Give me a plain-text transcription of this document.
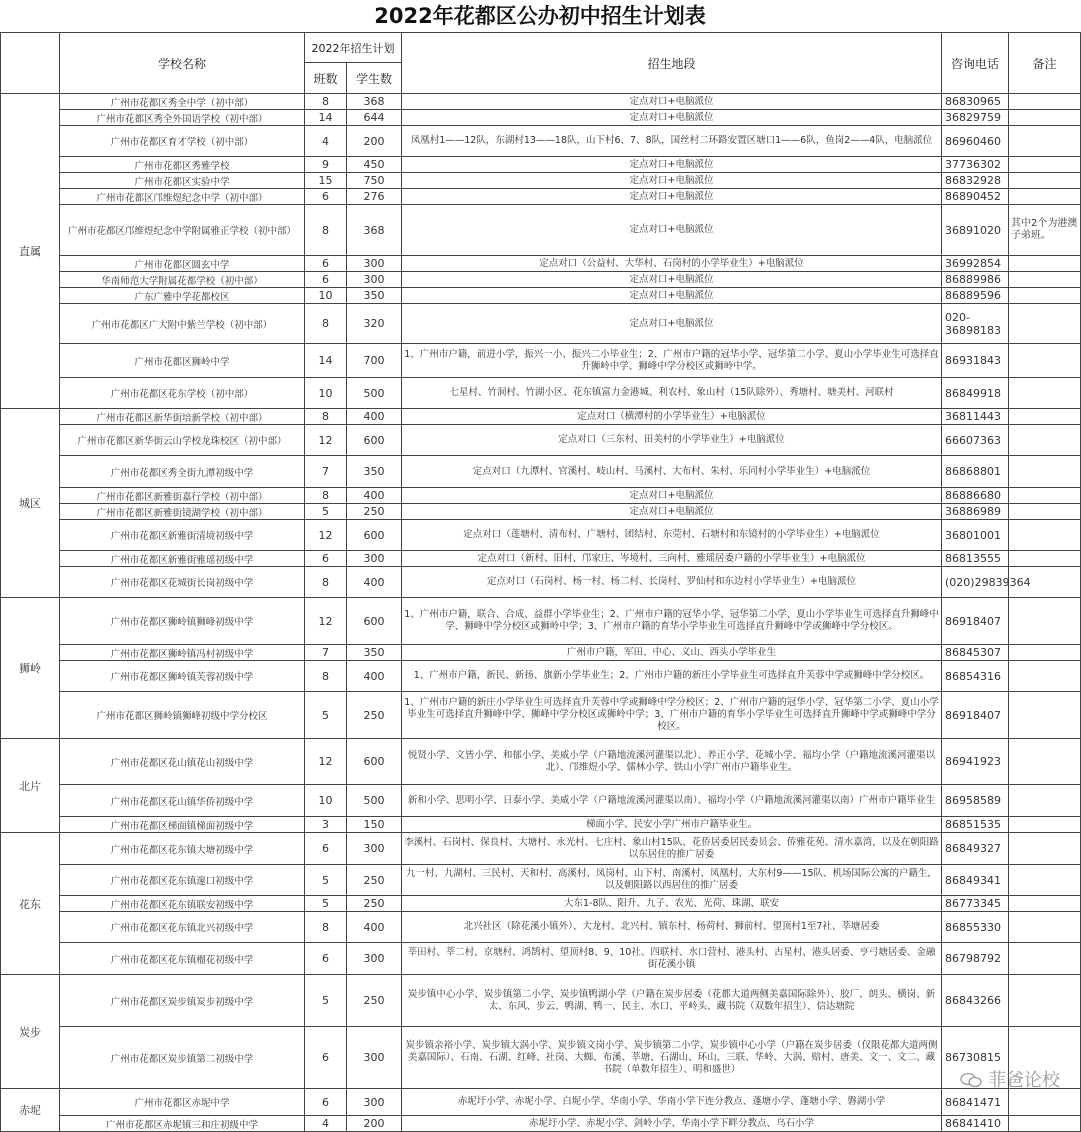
2022年花都区公办初中招生计划表
	学校名称	2022年招生计划		招生地段	咨询电话	备注
		班数	学生数			
直属	广州市花都区秀全中学（初中部）	8	368	定点对口+电脑派位	86830965	
	广州市花都区秀全外国语学校（初中部）	14	644	定点对口+电脑派位	36829759	
	广州市花都区育才学校（初中部）	4	200	凤凰村1——12队，东湖村13——18队，山下村6、7、8队，国丝村二环路安置区塘口1——6队，鱼岗2——4队，电脑派位	86960460	
	广州市花都区秀雅学校	9	450	定点对口+电脑派位	37736302	
	广州市花都区实验中学	15	750	定点对口+电脑派位	86832928	
	广州市花都区邝维煜纪念中学（初中部）	6	276	定点对口+电脑派位	86890452	
	广州市花都区邝维煜纪念中学附属雅正学校（初中部）	8	368	定点对口+电脑派位	36891020	其中2个为港澳子弟班。
	广州市花都区圆玄中学	6	300	定点对口（公益村、大华村、石岗村的小学毕业生）+电脑派位	36992854	
	华南师范大学附属花都学校（初中部）	6	300	定点对口+电脑派位	86889986	
	广东广雅中学花都校区	10	350	定点对口+电脑派位	86889596	
	广州市花都区广大附中紫兰学校（初中部）	8	320	定点对口+电脑派位	020-36898183	
	广州市花都区狮岭中学	14	700	1、广州市户籍，前进小学，振兴一小、振兴二小毕业生；2、广州市户籍的冠华小学、冠华第二小学、夏山小学毕业生可选择直升狮岭中学、狮峰中学分校区或狮岭中学。	86931843	
	广州市花都区花东学校（初中部）	10	500	七星村、竹洞村、竹湖小区、花东镇富力金港城、利农村、象山村（15队除外）、秀塘村、塘美村、河联村	86849918	
城区	广州市花都区新华街培新学校（初中部）	8	400	定点对口（横潭村的小学毕业生）+电脑派位	36811443	
	广州市花都区新华街云山学校龙珠校区（初中部）	12	600	定点对口（三东村、田美村的小学毕业生）+电脑派位	66607363	
	广州市花都区秀全街九潭初级中学	7	350	定点对口（九潭村、官溪村、岐山村、马溪村、大布村、朱村、乐同村小学毕业生）+电脑派位	86868801	
	广州市花都区新雅街嘉行学校（初中部）	8	400	定点对口+电脑派位	86886680	
	广州市花都区新雅街镜湖学校（初中部）	5	250	定点对口+电脑派位	36886989	
	广州市花都区新雅街清境初级中学	12	600	定点对口（莲塘村、清布村、广塘村、团结村、东莞村、石塘村和东镜村的小学毕业生）+电脑派位	36801001	
	广州市花都区新雅街雅瑶初级中学	6	300	定点对口（新村、旧村、邝家庄、岑境村、三向村、雅瑶居委户籍的小学毕业生）+电脑派位	86813555	
	广州市花都区花城街长岗初级中学	8	400	定点对口（石岗村、杨一村、杨二村、长岗村、罗仙村和东边村小学毕业生）+电脑派位	(020)29839364	
狮岭	广州市花都区狮岭镇狮峰初级中学	12	600	1、广州市户籍，联合、合成、益群小学毕业生；2、广州市户籍的冠华小学、冠华第二小学、夏山小学毕业生可选择直升狮峰中学、狮峰中学分校区或狮岭中学；3、广州市户籍的育华小学毕业生可选择直升狮峰中学或狮峰中学分校区。	86918407	
	广州市花都区狮岭镇冯村初级中学	7	350	广州市户籍，军田、中心、义山、西头小学毕业生	86845307	
	广州市花都区狮岭镇芙蓉初级中学	8	400	1、广州市户籍，新民、新扬、旗新小学毕业生；2、广州市户籍的新庄小学毕业生可选择直升芙蓉中学或狮峰中学分校区。	86854316	
	广州市花都区狮岭镇狮峰初级中学分校区	5	250	1、广州市户籍的新庄小学毕业生可选择直升芙蓉中学或狮峰中学分校区；2、广州市户籍的冠华小学、冠华第二小学、夏山小学毕业生可选择直升狮峰中学、狮峰中学分校区或狮岭中学；3、广州市户籍的育华小学毕业生可选择直升狮峰中学或狮峰中学分校区。	86918407	
北片	广州市花都区花山镇花山初级中学	12	600	悦贤小学、文皆小学、和郁小学、美威小学（户籍地流溪河灌渠以北）、养正小学、花城小学、福均小学（户籍地流溪河灌渠以北）、邝维煜小学、儒林小学、铁山小学广州市户籍毕业生。	86941923	
	广州市花都区花山镇华侨初级中学	10	500	新和小学、思明小学、日泰小学、美威小学（户籍地流溪河灌渠以南）、福均小学（户籍地流溪河灌渠以南）广州市户籍毕业生	86958589	
	广州市花都区梯面镇梯面初级中学	3	150	梯面小学、民安小学广州市户籍毕业生。	86851535	
花东	广州市花都区花东镇大塘初级中学	6	300	李溪村、石岗村、保良村、大塘村、永光村、七庄村、象山村15队、花侨居委居民委员会、侨雅花苑、清水嘉湾，以及在朝阳路以东居住的推广居委	86849327	
	广州市花都区花东镇邃口初级中学	5	250	九一村、九湖村、三民村、天和村、高溪村、凤岗村、山下村、南溪村、凤凰村、大东村9——15队、机场国际公寓的户籍生，以及朝阳路以西居住的推广居委	86849341	
	广州市花都区花东镇联安初级中学	5	250	大东1-8队、阳升、九子、农光、光荷、珠湖、联安	86773345	
	广州市花都区花东镇北兴初级中学	8	400	北兴社区（除花溪小镇外）、大龙村、北兴村、镇东村、杨荷村、狮前村、望顶村1至7社、莘塘居委	86855330	
	广州市花都区花东镇榴花初级中学	6	300	莘田村、莘二村、京塘村、鸿鹄村、望顶村8、9、10社、四联村、水口营村、港头村、古星村、港头居委、亨弓塘居委、金融街花溪小镇	86798792	
炭步	广州市花都区炭步镇炭步初级中学	5	250	炭步镇中心小学、炭步镇第二小学、炭步镇鸭湖小学（户籍在炭步居委（花都大道两侧美嘉国际除外）、胶厂、朗头、横岗、新太、东风、步云、鸭湖、鸭一、民主、水口、平岭头、藏书院（双数年招生）、信达塘院	86843266	
	广州市花都区炭步镇第二初级中学	6	300	炭步镇亲裕小学、炭步镇大涡小学、炭步镇文岗小学、炭步镇第二小学、炭步镇中心小学（户籍在炭步居委（仅限花都大道两侧美嘉国际）、石南、石湖、红峰、社岗、大蜘、布溪、莘塘、石湖山、环山、三联、华岭、大涡、赔村、唐美、文一、文二、藏书院（单数年招生）、明和盛世）	86730815	
赤坭	广州市花都区赤坭中学	6	300	赤坭圩小学、赤坭小学、白坭小学、华南小学、华南小学下连分教点、蓬塘小学、蓬塘小学、磐湖小学	86841471	
	广州市花都区赤坭镇三和庄初级中学	4	200	赤坭圩小学、赤坭小学、剑岭小学、华南小学下畔分教点、乌石小学	86841410	
菲爸论校
